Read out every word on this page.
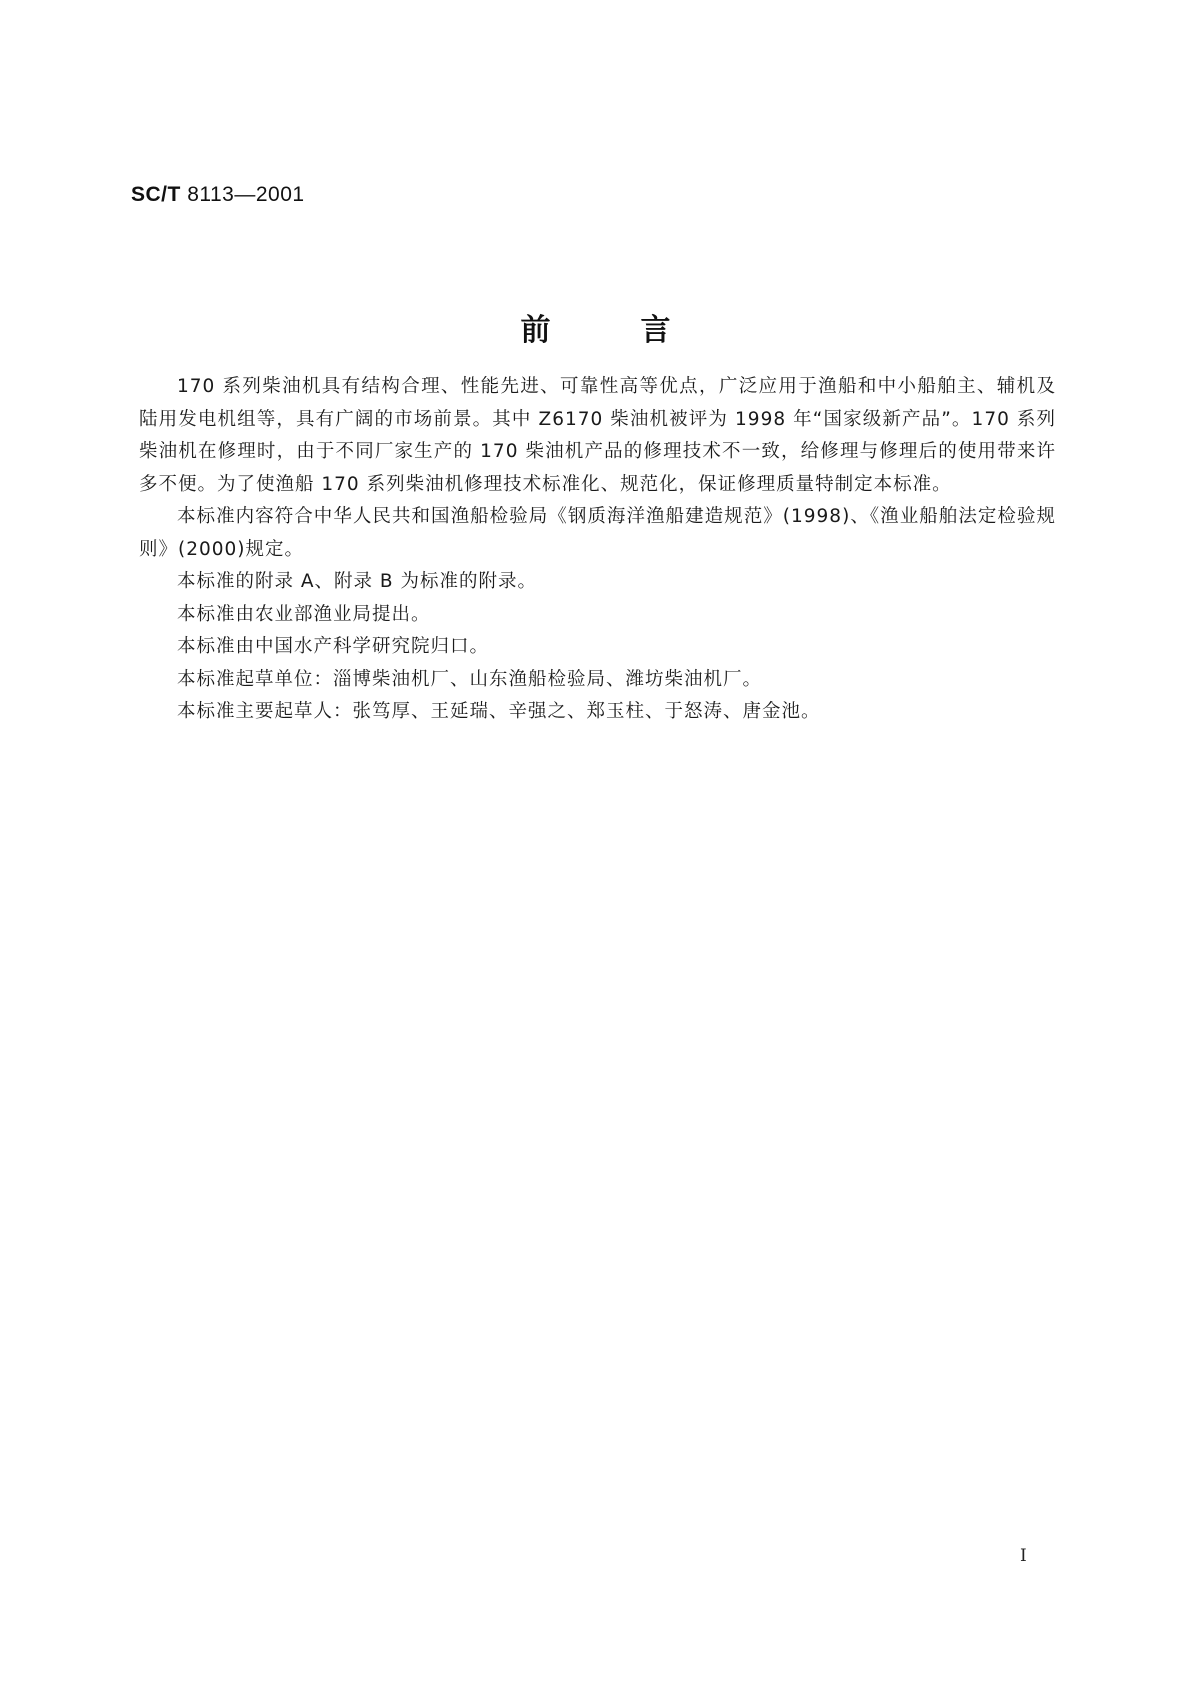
SC/T 8113—2001
前言

170 系列柴油机具有结构合理、性能先进、可靠性高等优点，广泛应用于渔船和中小船舶主、辅机及陆用发电机组等，具有广阔的市场前景。其中 Z6170 柴油机被评为 1998 年“国家级新产品”。170 系列柴油机在修理时，由于不同厂家生产的 170 柴油机产品的修理技术不一致，给修理与修理后的使用带来许多不便。为了使渔船 170 系列柴油机修理技术标准化、规范化，保证修理质量特制定本标准。

本标准内容符合中华人民共和国渔船检验局《钢质海洋渔船建造规范》(1998)、《渔业船舶法定检验规则》(2000)规定。

本标准的附录 A、附录 B 为标准的附录。

本标准由农业部渔业局提出。

本标准由中国水产科学研究院归口。

本标准起草单位：淄博柴油机厂、山东渔船检验局、潍坊柴油机厂。

本标准主要起草人：张笃厚、王延瑞、辛强之、郑玉柱、于怒涛、唐金池。

I
